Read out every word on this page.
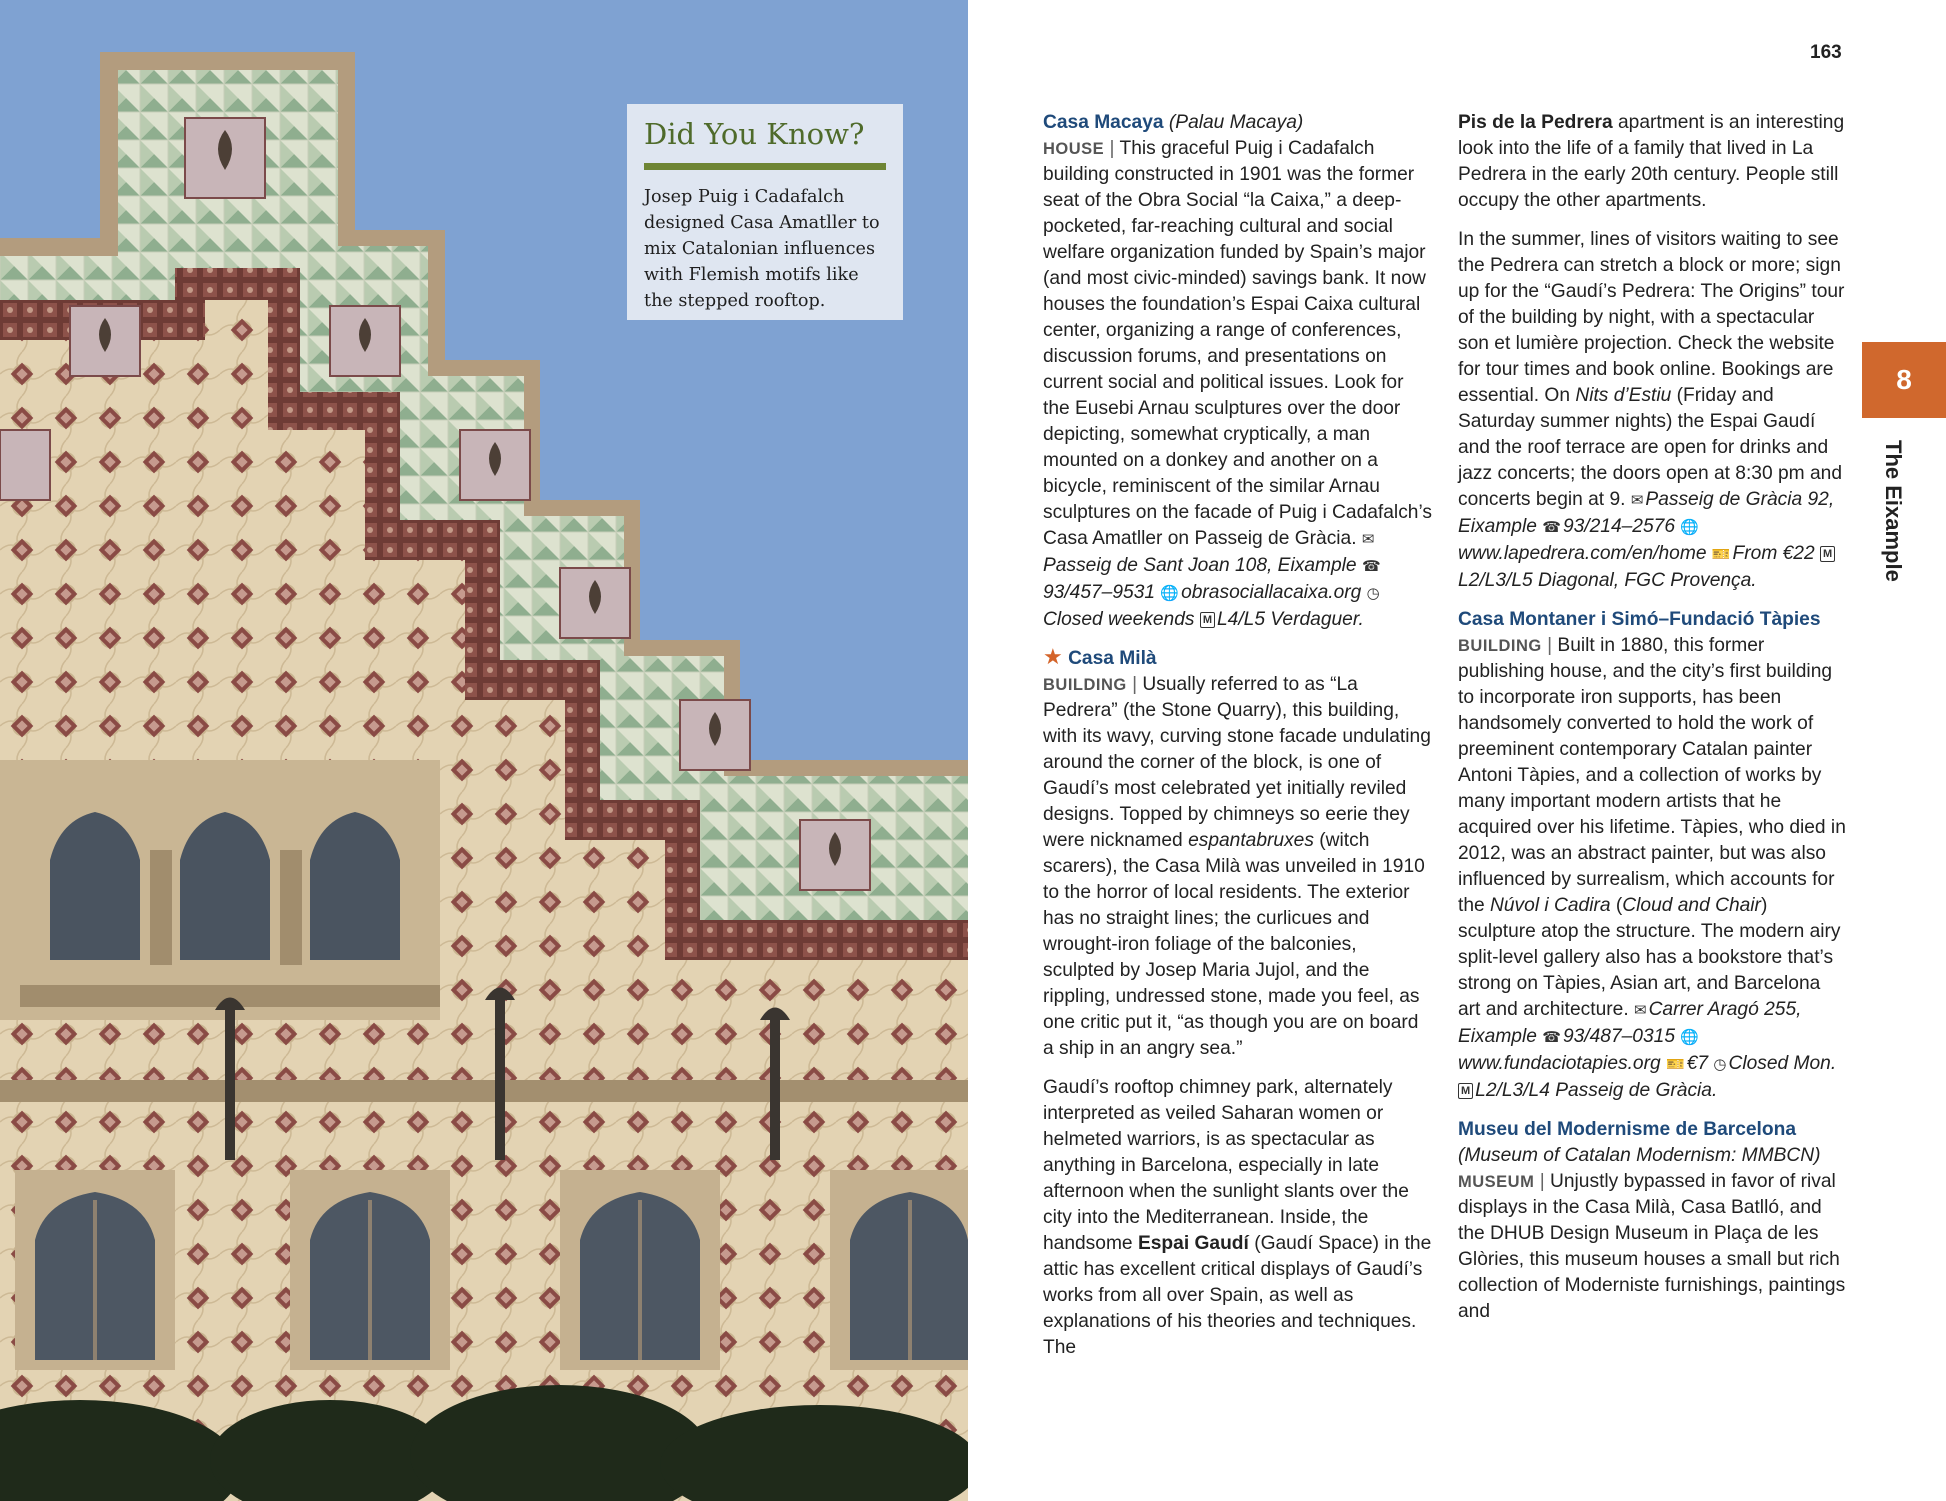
Did You Know?
Josep Puig i Cadafalch designed Casa Amatller to mix Catalonian influences with Flemish motifs like the stepped rooftop.
163
8
The Eixample
Casa Macaya (Palau Macaya)
HOUSE | This graceful Puig i Cadafalch building constructed in 1901 was the former seat of the Obra Social “la Caixa,” a deep-pocketed, far-reaching cultural and social welfare organization funded by Spain’s major (and most civic-minded) savings bank. It now houses the foundation’s Espai Caixa cultural center, organizing a range of conferences, discussion forums, and presentations on current social and political issues. Look for the Eusebi Arnau sculptures over the door depicting, somewhat cryptically, a man mounted on a donkey and another on a bicycle, reminiscent of the similar Arnau sculptures on the facade of Puig i Cadafalch’s Casa Amatller on Passeig de Gràcia. ✉Passeig de Sant Joan 108, Eixample ☎93/457–9531 🌐 obrasociallacaixa.org ◷Closed weekends M L4/L5 Verdaguer.
★ Casa Milà
BUILDING | Usually referred to as “La Pedrera” (the Stone Quarry), this building, with its wavy, curving stone facade undulating around the corner of the block, is one of Gaudí’s most celebrated yet initially reviled designs. Topped by chimneys so eerie they were nicknamed espantabruxes (witch scarers), the Casa Milà was unveiled in 1910 to the horror of local residents. The exterior has no straight lines; the curlicues and wrought-iron foliage of the balconies, sculpted by Josep Maria Jujol, and the rippling, undressed stone, made you feel, as one critic put it, “as though you are on board a ship in an angry sea.”
Gaudí’s rooftop chimney park, alternately interpreted as veiled Saharan women or helmeted warriors, is as spectacular as anything in Barcelona, especially in late afternoon when the sunlight slants over the city into the Mediterranean. Inside, the handsome Espai Gaudí (Gaudí Space) in the attic has excellent critical displays of Gaudí’s works from all over Spain, as well as explanations of his theories and techniques. The
Pis de la Pedrera apartment is an interesting look into the life of a family that lived in La Pedrera in the early 20th century. People still occupy the other apartments.
In the summer, lines of visitors waiting to see the Pedrera can stretch a block or more; sign up for the “Gaudí’s Pedrera: The Origins” tour of the building by night, with a spectacular son et lumière projection. Check the website for tour times and book online. Bookings are essential. On Nits d’Estiu (Friday and Saturday summer nights) the Espai Gaudí and the roof terrace are open for drinks and jazz concerts; the doors open at 8:30 pm and concerts begin at 9. ✉ Passeig de Gràcia 92, Eixample ☎ 93/214–2576 🌐www.lapedrera.com/en/home 🎫 From €22 ML2/L3/L5 Diagonal, FGC Provença.
Casa Montaner i Simó–Fundació Tàpies
BUILDING | Built in 1880, this former publishing house, and the city’s first building to incorporate iron supports, has been handsomely converted to hold the work of preeminent contemporary Catalan painter Antoni Tàpies, and a collection of works by many important modern artists that he acquired over his lifetime. Tàpies, who died in 2012, was an abstract painter, but was also influenced by surrealism, which accounts for the Núvol i Cadira (Cloud and Chair) sculpture atop the structure. The modern airy split-level gallery also has a bookstore that’s strong on Tàpies, Asian art, and Barcelona art and architecture. ✉ Carrer Aragó 255, Eixample ☎ 93/487–0315 🌐www.fundaciotapies.org 🎫 €7 ◷ Closed Mon. M L2/L3/L4 Passeig de Gràcia.
Museu del Modernisme de Barcelona
(Museum of Catalan Modernism: MMBCN)
MUSEUM | Unjustly bypassed in favor of rival displays in the Casa Milà, Casa Batlló, and the DHUB Design Museum in Plaça de les Glòries, this museum houses a small but rich collection of Moderniste furnishings, paintings and
